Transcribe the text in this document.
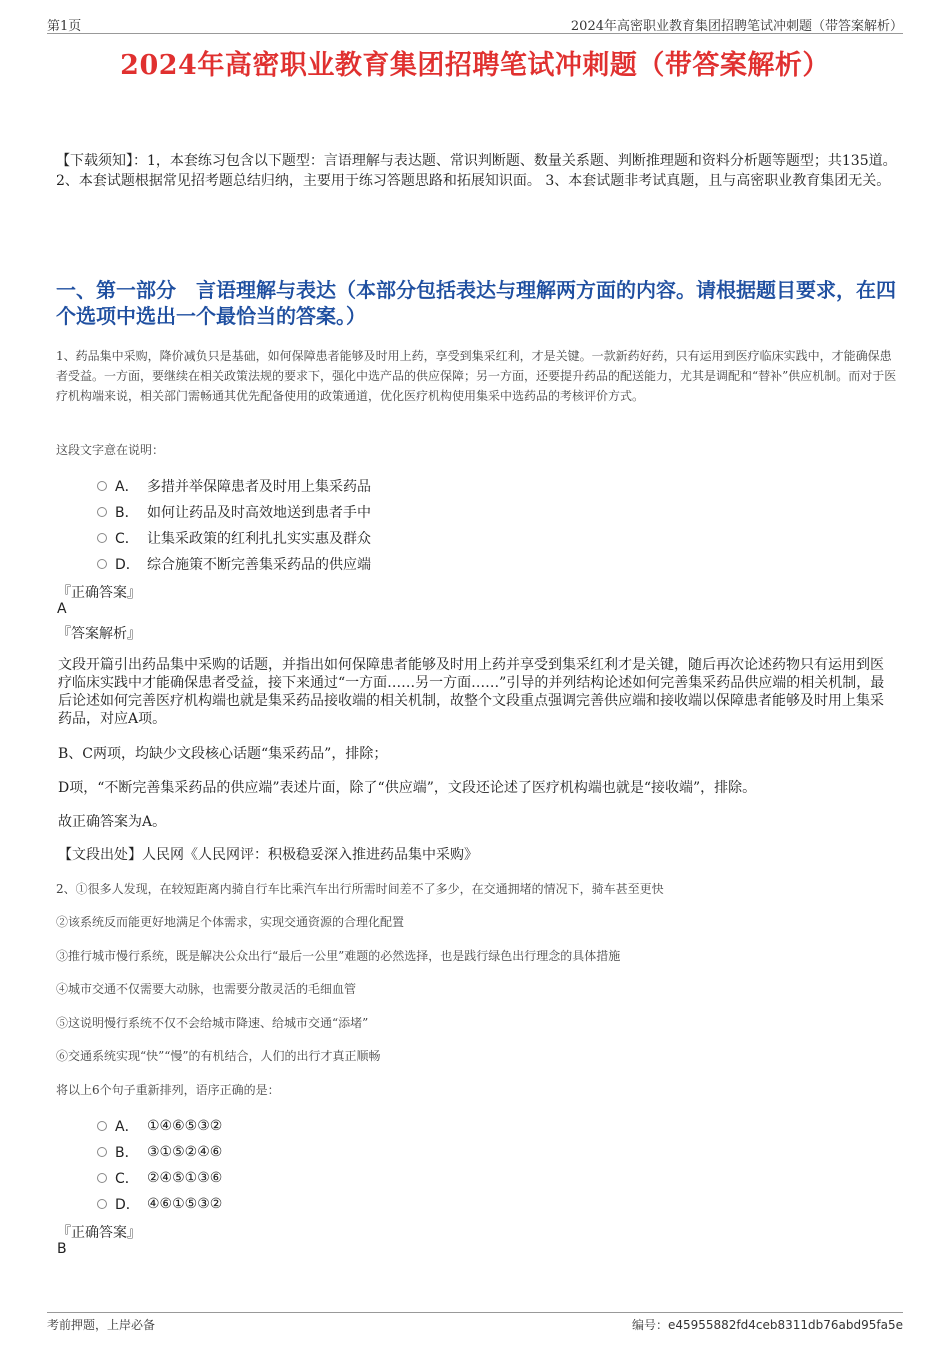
第1页	2024年高密职业教育集团招聘笔试冲刺题（带答案解析）
2024年高密职业教育集团招聘笔试冲刺题（带答案解析）

【下载须知】：1，本套练习包含以下题型：言语理解与表达题、常识判断题、数量关系题、判断推理题和资料分析题等题型；共135道。 2、本套试题根据常见招考题总结归纳，主要用于练习答题思路和拓展知识面。 3、本套试题非考试真题，且与高密职业教育集团无关。

一、第一部分　言语理解与表达（本部分包括表达与理解两方面的内容。请根据题目要求，在四个选项中选出一个最恰当的答案。）

1、药品集中采购，降价减负只是基础，如何保障患者能够及时用上药，享受到集采红利，才是关键。一款新药好药，只有运用到医疗临床实践中，才能确保患者受益。一方面，要继续在相关政策法规的要求下，强化中选产品的供应保障；另一方面，还要提升药品的配送能力，尤其是调配和“替补”供应机制。而对于医疗机构端来说，相关部门需畅通其优先配备使用的政策通道，优化医疗机构使用集采中选药品的考核评价方式。

这段文字意在说明：

A． 多措并举保障患者及时用上集采药品
B． 如何让药品及时高效地送到患者手中
C． 让集采政策的红利扎扎实实惠及群众
D． 综合施策不断完善集采药品的供应端
『正确答案』
A
『答案解析』

文段开篇引出药品集中采购的话题，并指出如何保障患者能够及时用上药并享受到集采红利才是关键，随后再次论述药物只有运用到医疗临床实践中才能确保患者受益，接下来通过“一方面……另一方面……”引导的并列结构论述如何完善集采药品供应端的相关机制，最后论述如何完善医疗机构端也就是集采药品接收端的相关机制，故整个文段重点强调完善供应端和接收端以保障患者能够及时用上集采药品，对应A项。

B、C两项，均缺少文段核心话题“集采药品”，排除；

D项，“不断完善集采药品的供应端”表述片面，除了“供应端”，文段还论述了医疗机构端也就是“接收端”，排除。

故正确答案为A。

【文段出处】人民网《人民网评：积极稳妥深入推进药品集中采购》

2、①很多人发现，在较短距离内骑自行车比乘汽车出行所需时间差不了多少，在交通拥堵的情况下，骑车甚至更快

②该系统反而能更好地满足个体需求，实现交通资源的合理化配置

③推行城市慢行系统，既是解决公众出行“最后一公里”难题的必然选择，也是践行绿色出行理念的具体措施

④城市交通不仅需要大动脉，也需要分散灵活的毛细血管

⑤这说明慢行系统不仅不会给城市降速、给城市交通“添堵”

⑥交通系统实现“快”“慢”的有机结合，人们的出行才真正顺畅

将以上6个句子重新排列，语序正确的是：

A． ①④⑥⑤③②
B． ③①⑤②④⑥
C． ②④⑤①③⑥
D． ④⑥①⑤③②
『正确答案』
B
考前押题，上岸必备	编号：e45955882fd4ceb8311db76abd95fa5e
